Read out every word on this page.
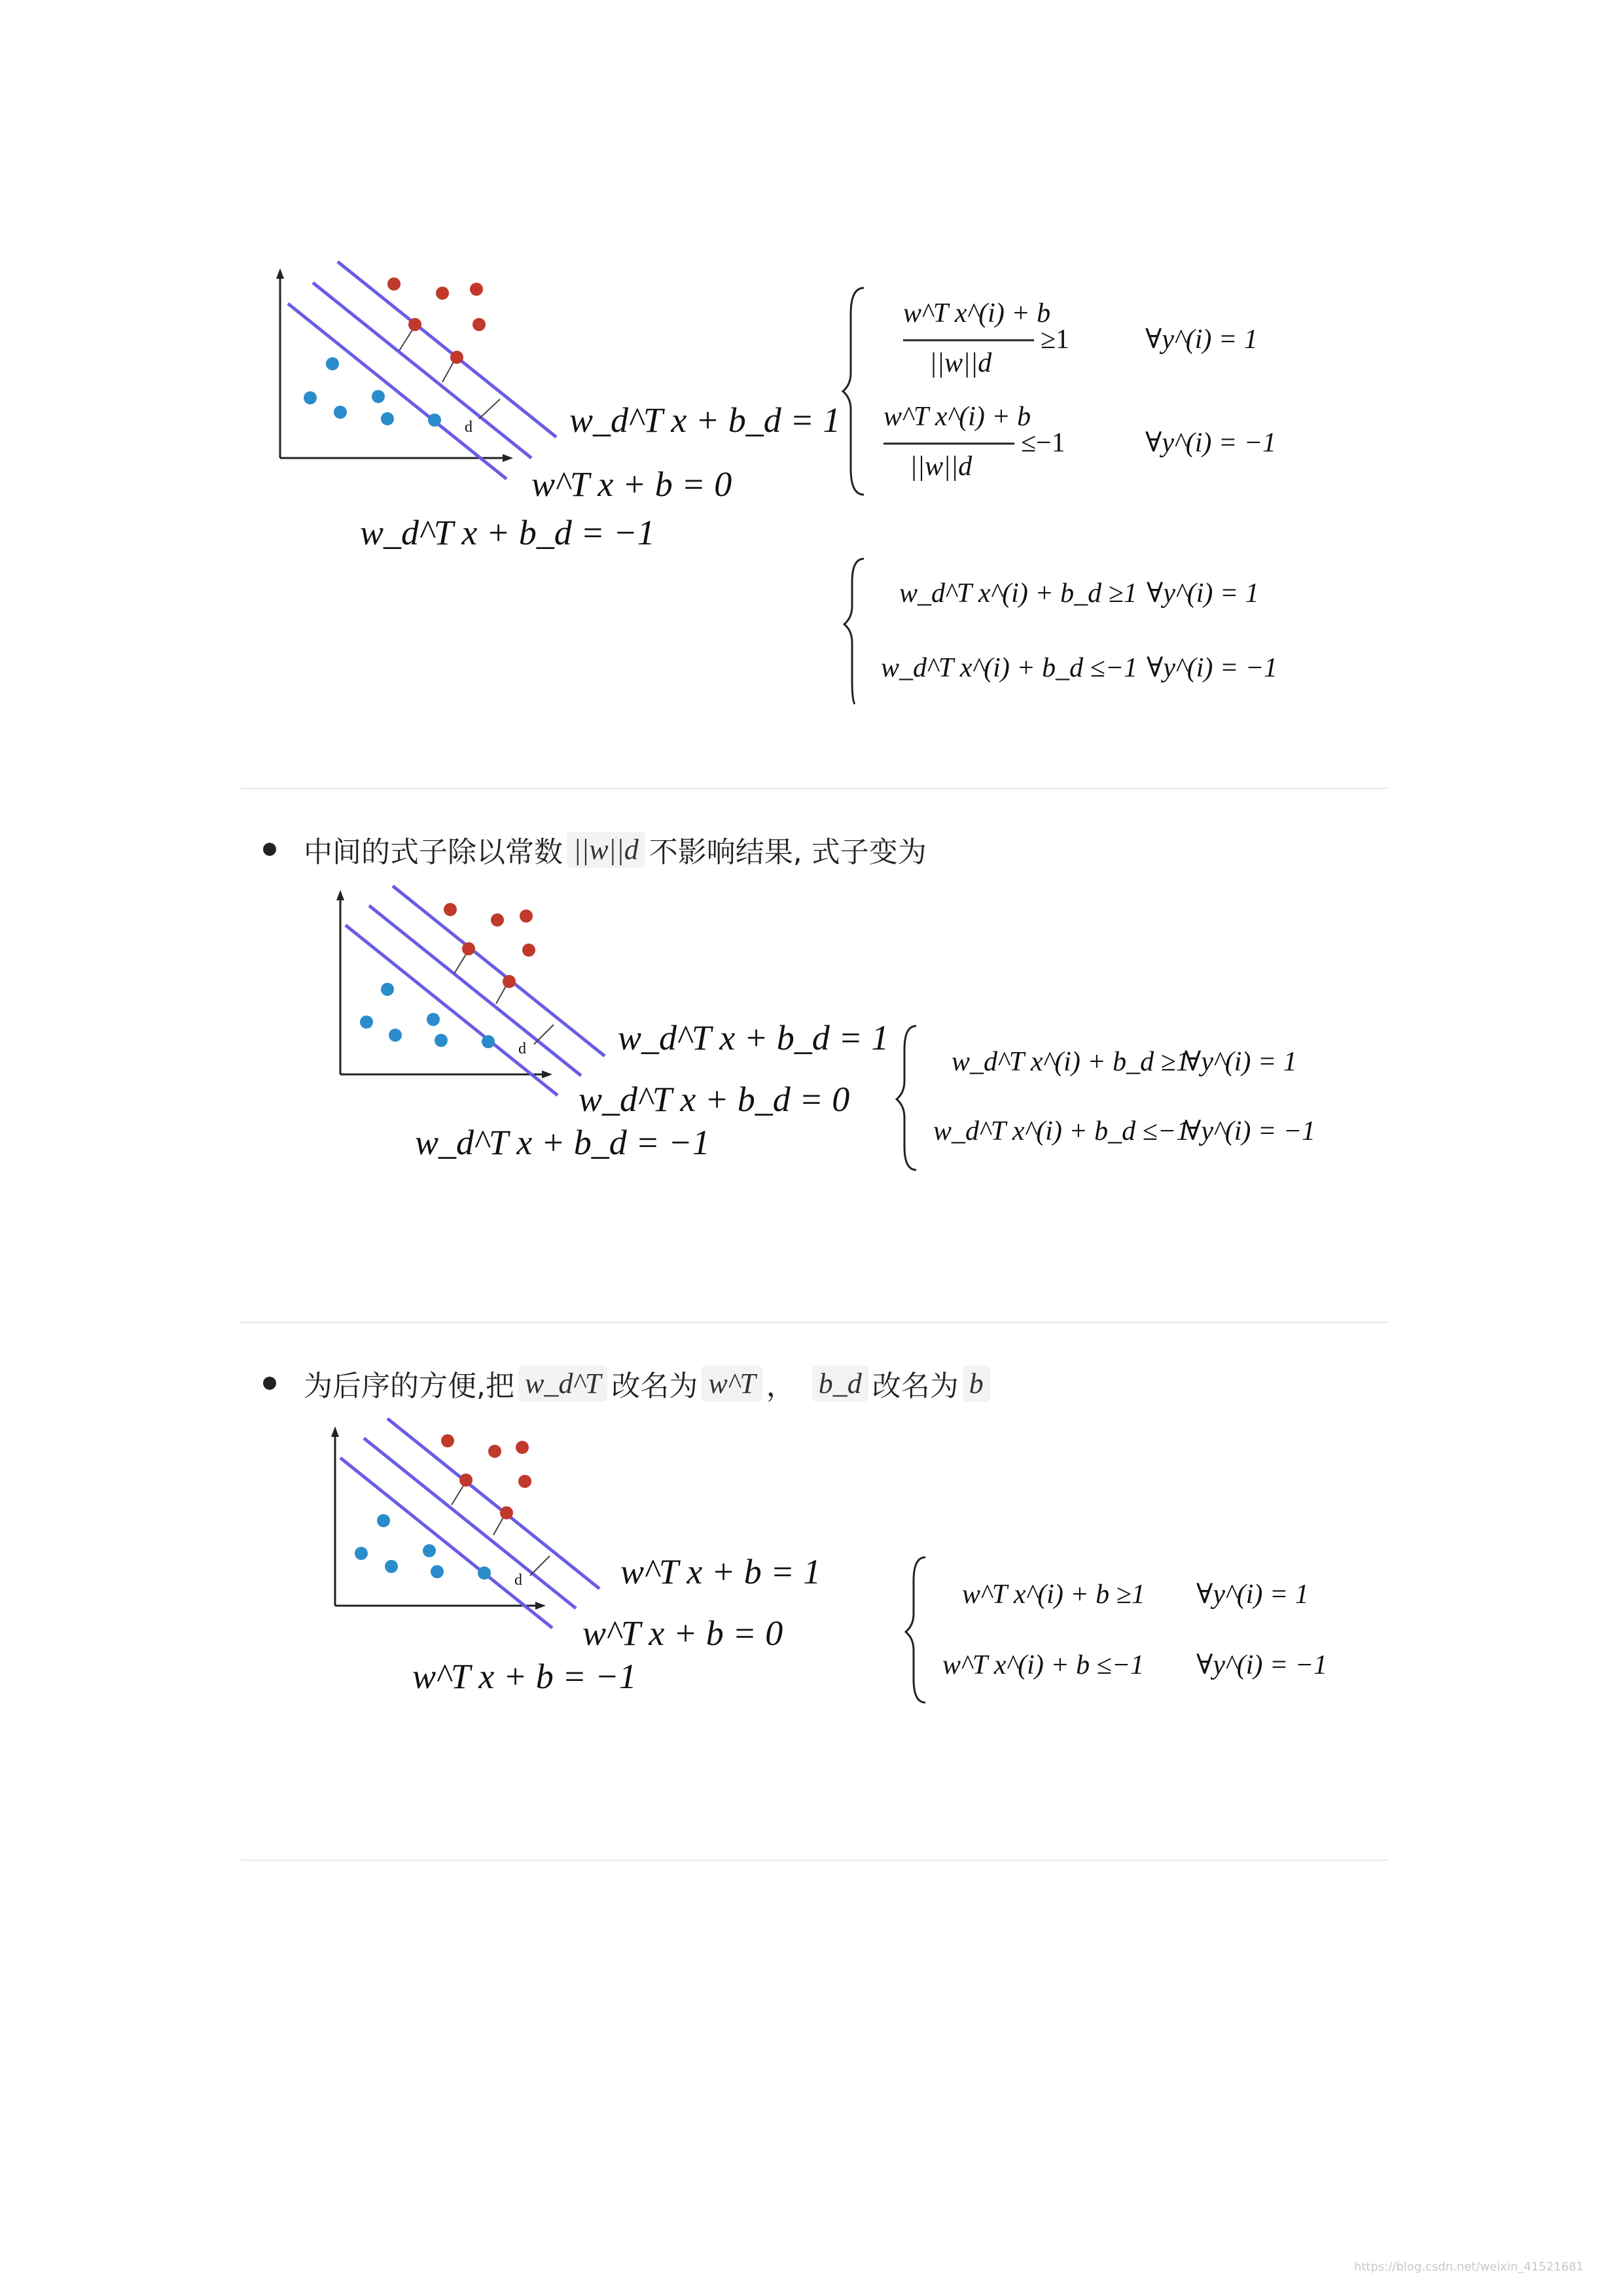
d	w_d^T x + b_d = 1
w^T x + b = 0
w_d^T x + b_d = −1
w^T x^(i) + b
||w||d
≥1	∀y^(i) = 1
w^T x^(i) + b
||w||d
≤−1	∀y^(i) = −1
w_d^T x^(i) + b_d ≥1 ∀y^(i) = 1
w_d^T x^(i) + b_d ≤−1 ∀y^(i) = −1
中间的式子除以常数 ||w||d 不影响结果, 式子变为
d	w_d^T x + b_d = 1
w_d^T x + b_d = 0
w_d^T x + b_d = −1
w_d^T x^(i) + b_d ≥1
∀y^(i) = 1
w_d^T x^(i) + b_d ≤−1
∀y^(i) = −1
为后序的方便,把 w_d^T 改名为 w^T ， b_d 改名为 b
d	w^T x + b = 1
w^T x + b = 0
w^T x + b = −1
w^T x^(i) + b ≥1 ∀y^(i) = 1
w^T x^(i) + b ≤−1 ∀y^(i) = −1
https://blog.csdn.net/weixin_41521681
